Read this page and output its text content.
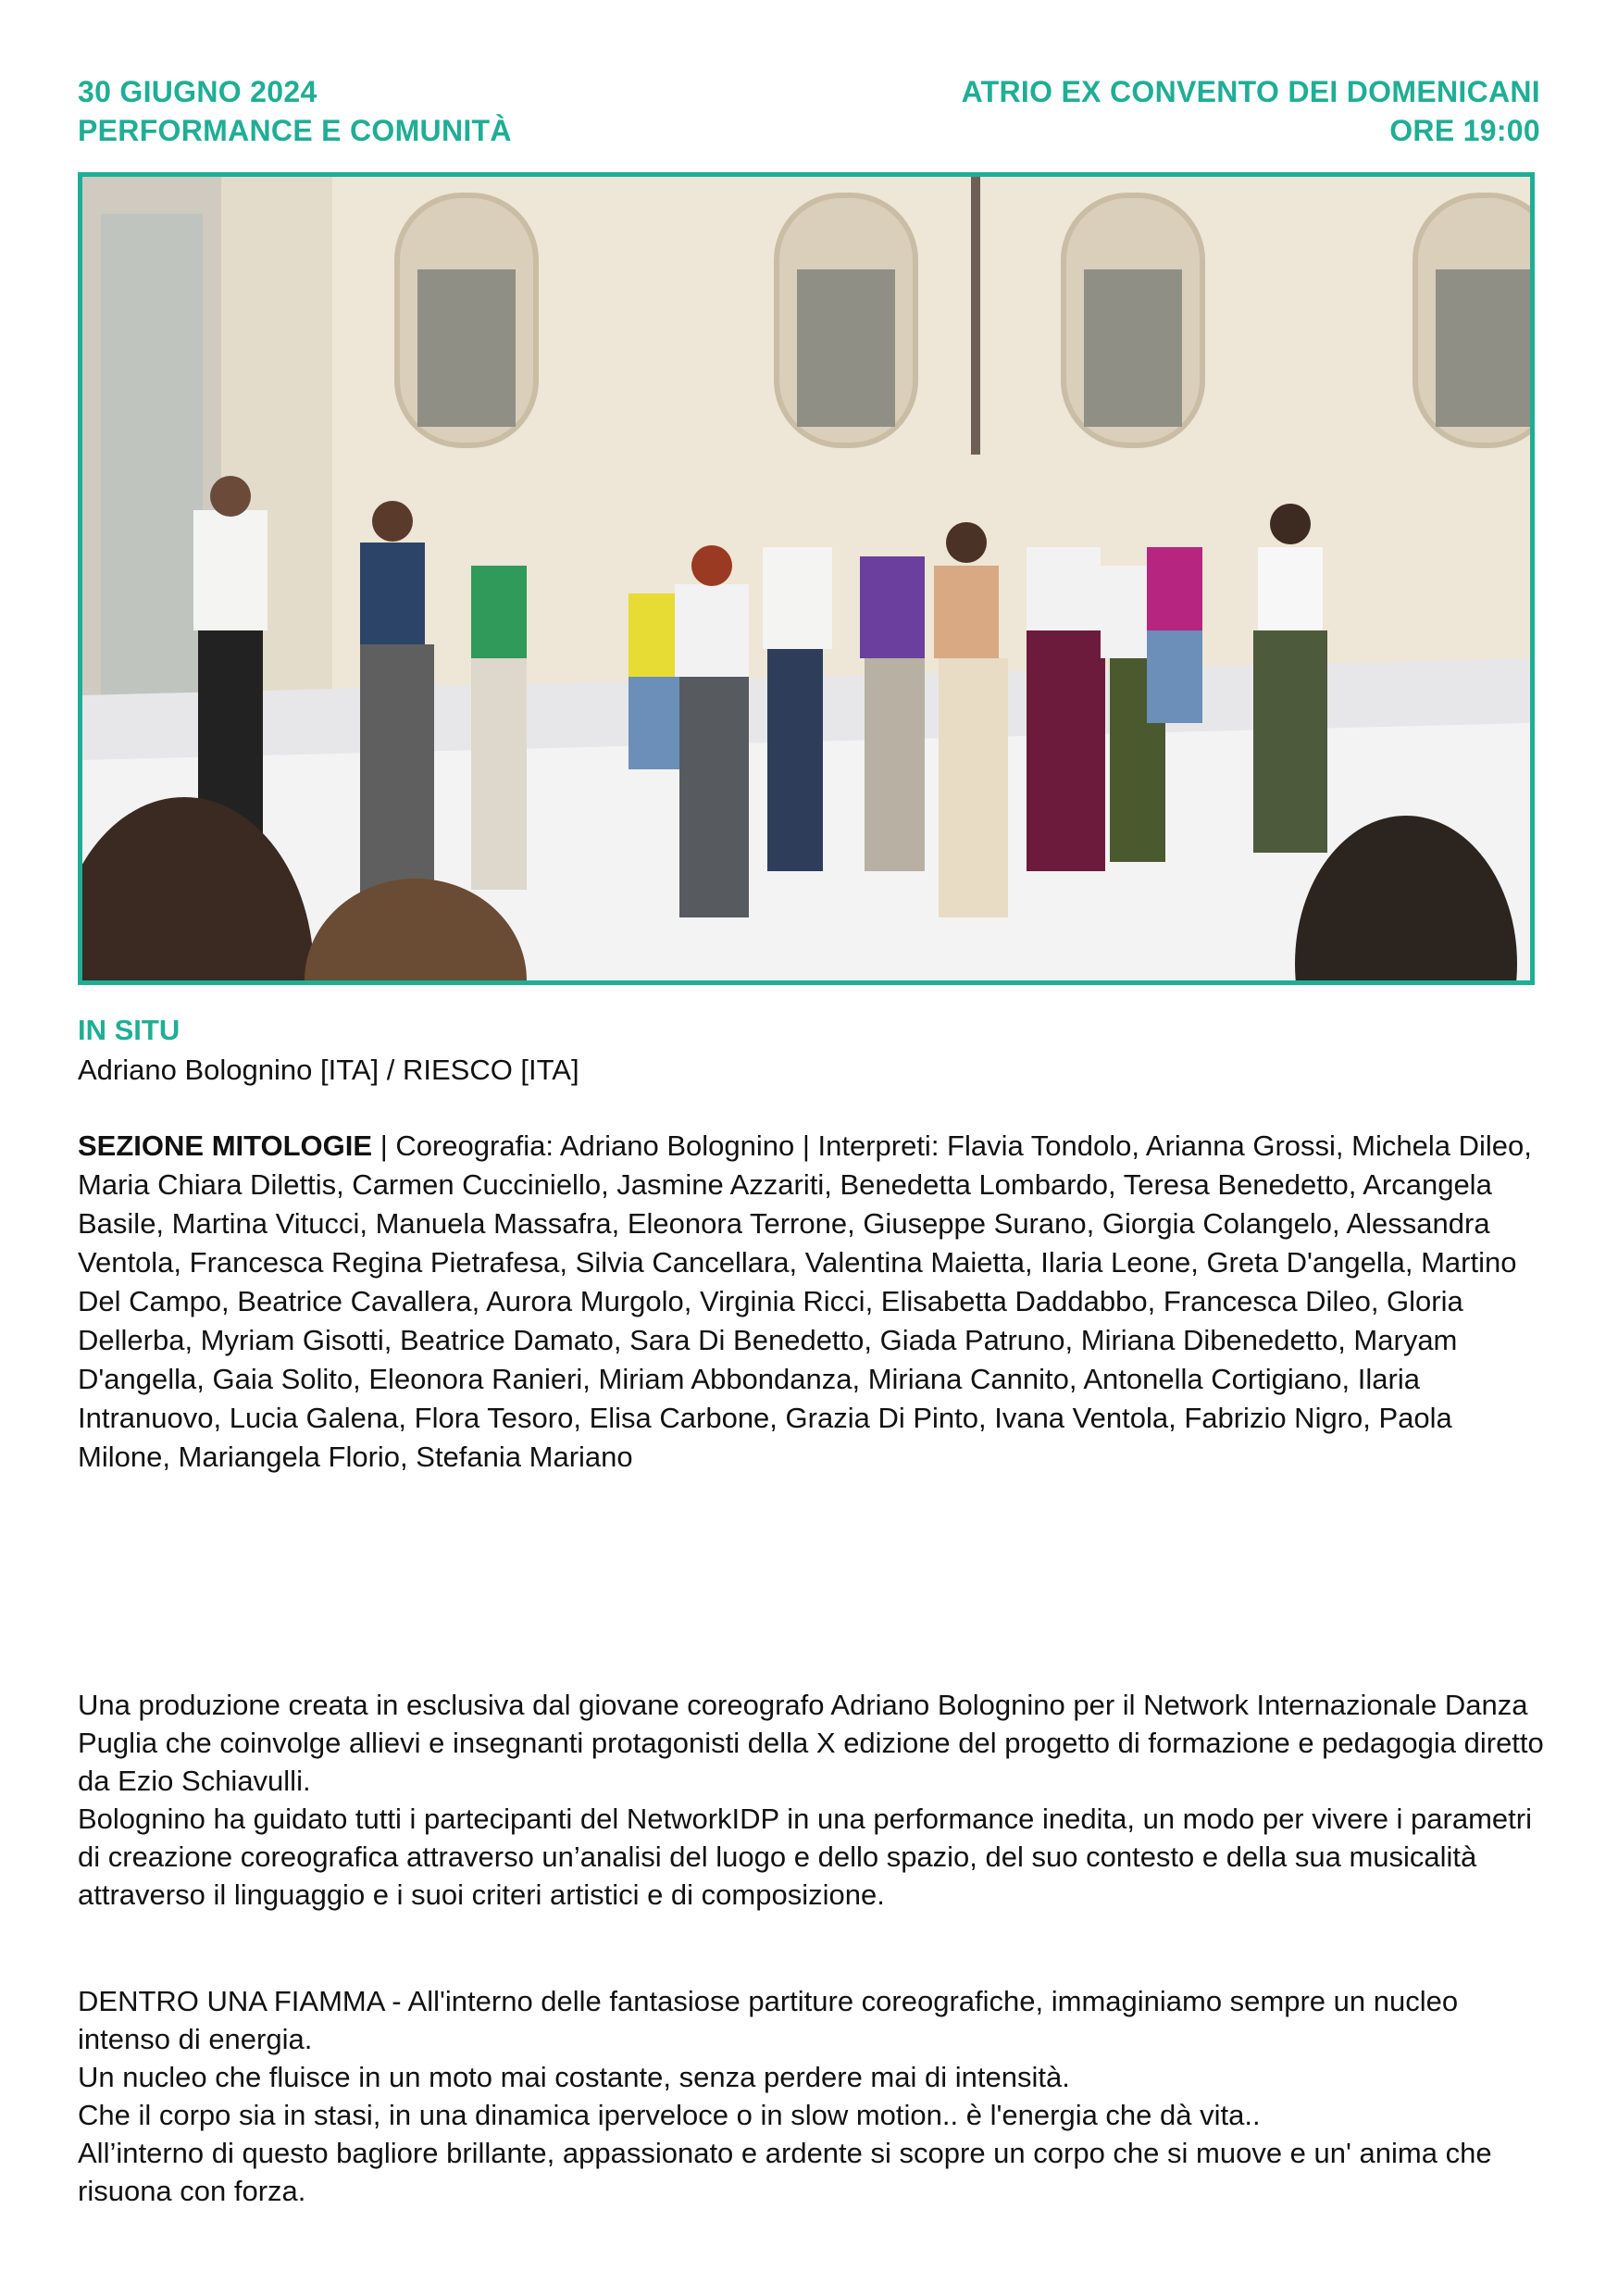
30 GIUGNO 2024
PERFORMANCE E COMUNITÀ
ATRIO EX CONVENTO DEI DOMENICANI
ORE 19:00
IN SITU
Adriano Bolognino [ITA] / RIESCO [ITA]
SEZIONE MITOLOGIE | Coreografia: Adriano Bolognino | Interpreti: Flavia Tondolo, Arianna Grossi, Michela Dileo, Maria Chiara Dilettis, Carmen Cucciniello, Jasmine Azzariti, Benedetta Lombardo, Teresa Benedetto, Arcangela Basile, Martina Vitucci, Manuela Massafra, Eleonora Terrone, Giuseppe Surano, Giorgia Colangelo, Alessandra Ventola, Francesca Regina Pietrafesa, Silvia Cancellara, Valentina Maietta, Ilaria Leone, Greta D'angella, Martino Del Campo, Beatrice Cavallera, Aurora Murgolo, Virginia Ricci, Elisabetta Daddabbo, Francesca Dileo, Gloria Dellerba, Myriam Gisotti, Beatrice Damato, Sara Di Benedetto, Giada Patruno, Miriana Dibenedetto, Maryam D'angella, Gaia Solito, Eleonora Ranieri, Miriam Abbondanza, Miriana Cannito, Antonella Cortigiano, Ilaria Intranuovo, Lucia Galena, Flora Tesoro, Elisa Carbone, Grazia Di Pinto, Ivana Ventola, Fabrizio Nigro, Paola Milone, Mariangela Florio, Stefania Mariano

Una produzione creata in esclusiva dal giovane coreografo Adriano Bolognino per il Network Internazionale Danza Puglia che coinvolge allievi e insegnanti protagonisti della X edizione del progetto di formazione e pedagogia diretto da Ezio Schiavulli.

Bolognino ha guidato tutti i partecipanti del NetworkIDP in una performance inedita, un modo per vivere i parametri di creazione coreografica attraverso un’analisi del luogo e dello spazio, del suo contesto e della sua musicalità attraverso il linguaggio e i suoi criteri artistici e di composizione.

DENTRO UNA FIAMMA - All'interno delle fantasiose partiture coreografiche, immaginiamo sempre un nucleo intenso di energia.

Un nucleo che fluisce in un moto mai costante, senza perdere mai di intensità.

Che il corpo sia in stasi, in una dinamica iperveloce o in slow motion.. è l'energia che dà vita..

All’interno di questo bagliore brillante, appassionato e ardente si scopre un corpo che si muove e un' anima che risuona con forza.
